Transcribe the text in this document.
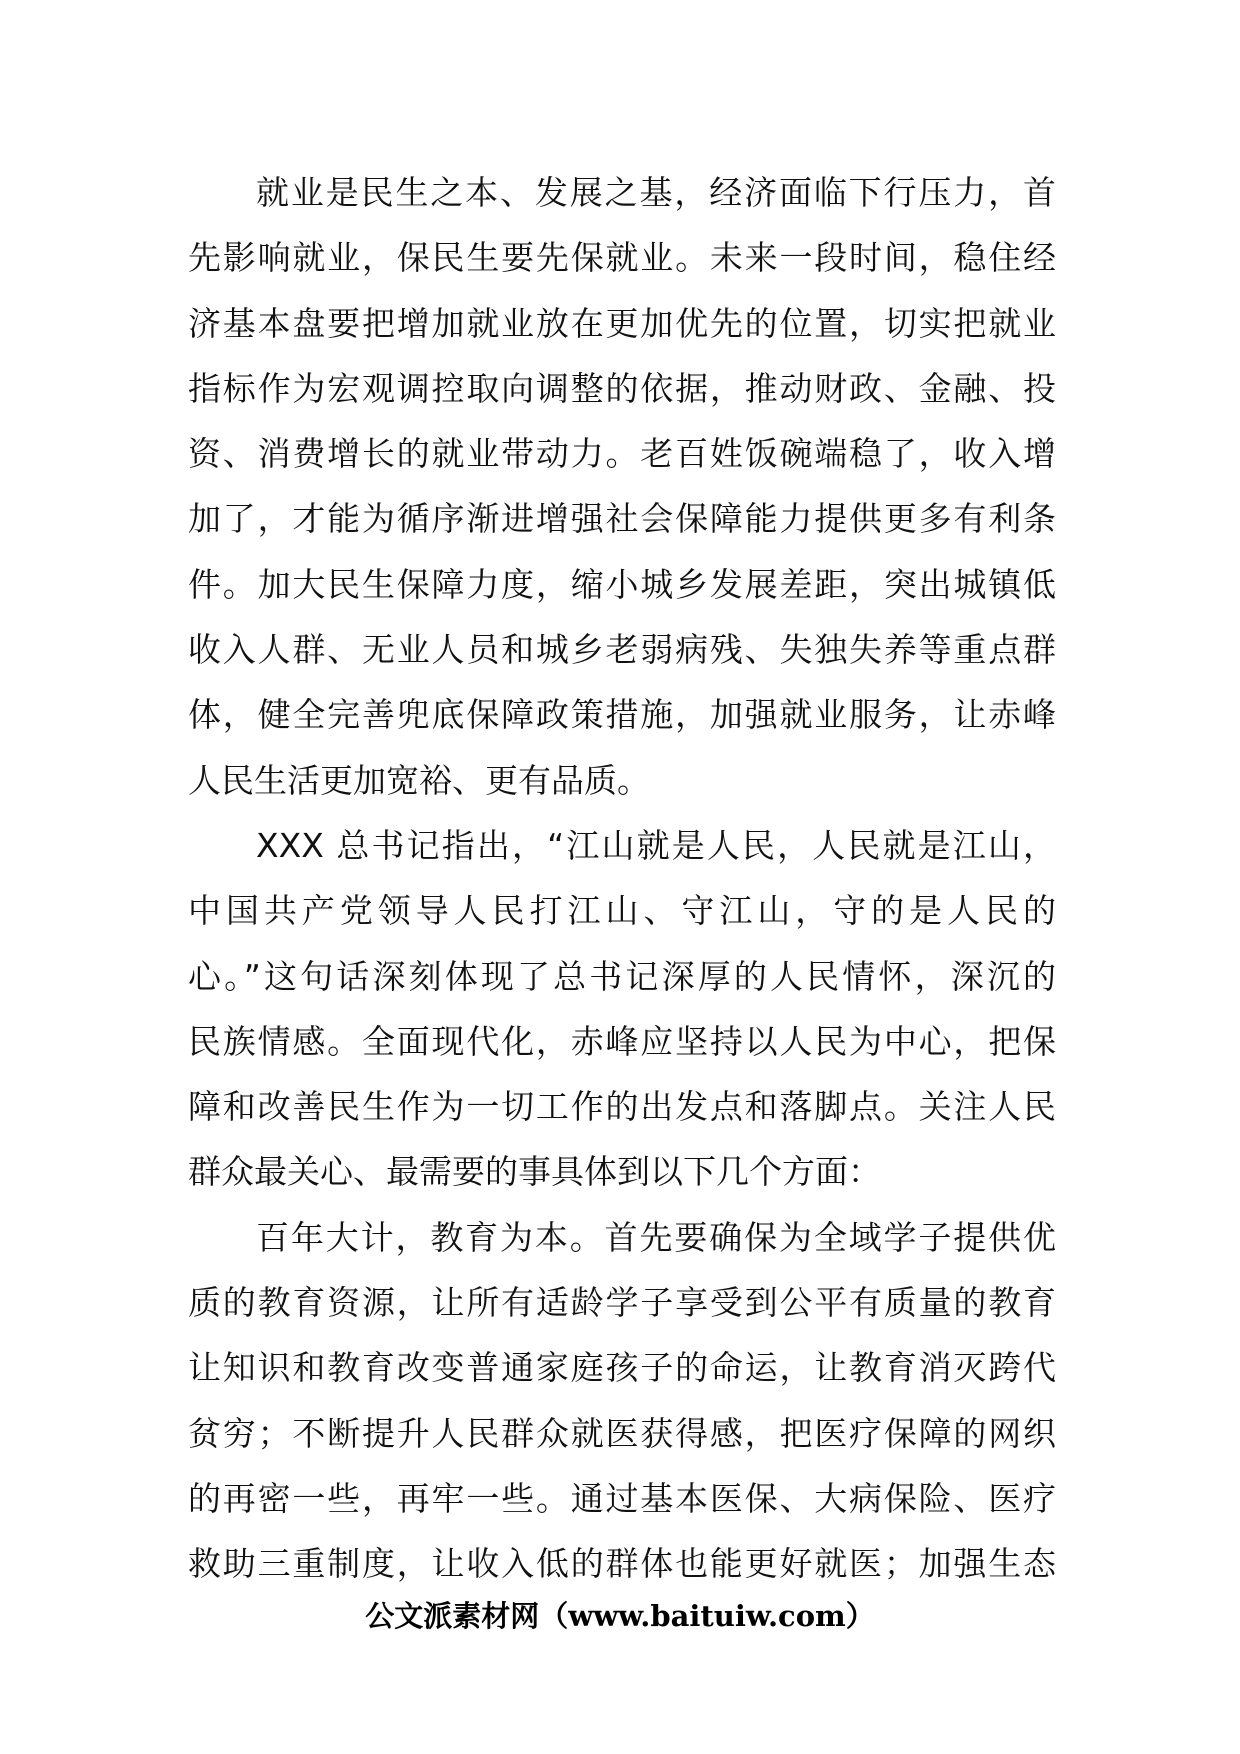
就业是民生之本、发展之基，经济面临下行压力，首
先影响就业，保民生要先保就业。未来一段时间，稳住经
济基本盘要把增加就业放在更加优先的位置，切实把就业
指标作为宏观调控取向调整的依据，推动财政、金融、投
资、消费增长的就业带动力。老百姓饭碗端稳了，收入增
加了，才能为循序渐进增强社会保障能力提供更多有利条
件。加大民生保障力度，缩小城乡发展差距，突出城镇低
收入人群、无业人员和城乡老弱病残、失独失养等重点群
体，健全完善兜底保障政策措施，加强就业服务，让赤峰
人民生活更加宽裕、更有品质。
XXX 总书记指出，“江山就是人民，人民就是江山，
中国共产党领导人民打江山、守江山，守的是人民的
心。”这句话深刻体现了总书记深厚的人民情怀，深沉的
民族情感。全面现代化，赤峰应坚持以人民为中心，把保
障和改善民生作为一切工作的出发点和落脚点。关注人民
群众最关心、最需要的事具体到以下几个方面：
百年大计，教育为本。首先要确保为全域学子提供优
质的教育资源，让所有适龄学子享受到公平有质量的教育
让知识和教育改变普通家庭孩子的命运，让教育消灭跨代
贫穷；不断提升人民群众就医获得感，把医疗保障的网织
的再密一些，再牢一些。通过基本医保、大病保险、医疗
救助三重制度，让收入低的群体也能更好就医；加强生态
公文派素材网（www.baituiw.com）
